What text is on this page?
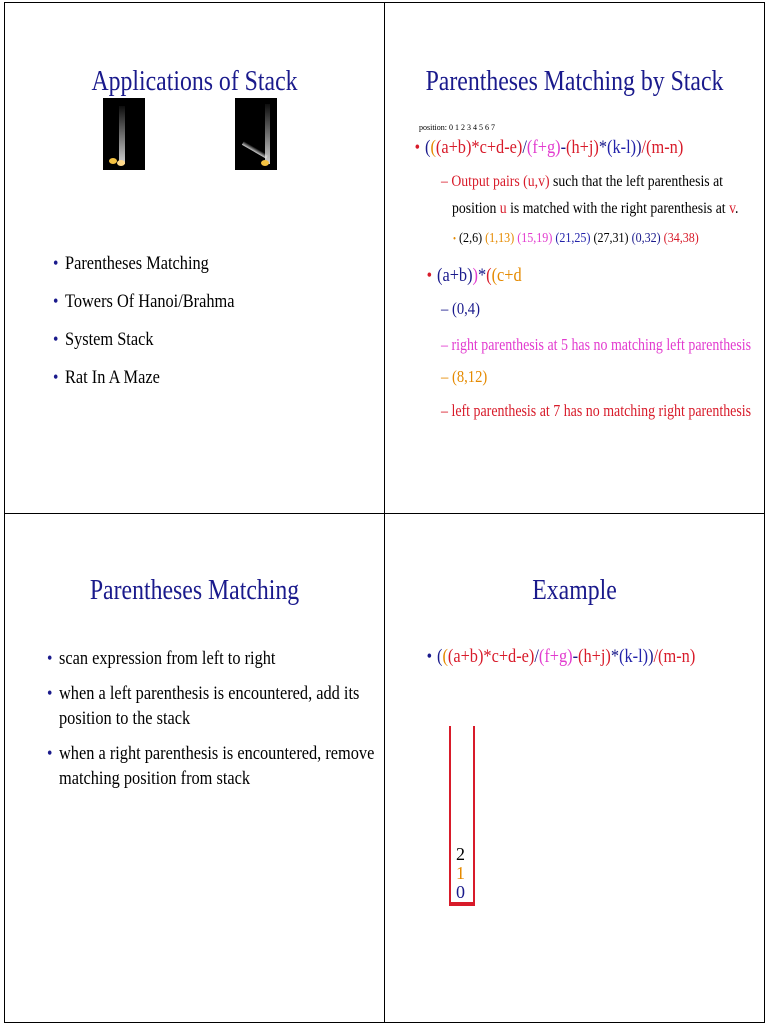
Applications of Stack
• Parentheses Matching
• Towers Of Hanoi/Brahma
• System Stack
• Rat In A Maze
Parentheses Matching by Stack
position: 0 1 2 3 4 5 6 7
• (((a+b)*c+d-e)/(f+g)-(h+j)*(k-l))/(m-n)
– Output pairs (u,v) such that the left parenthesis at
position u is matched with the right parenthesis at v.
• (2,6) (1,13) (15,19) (21,25) (27,31) (0,32) (34,38)
• (a+b))*((c+d
– (0,4)
– right parenthesis at 5 has no matching left parenthesis
– (8,12)
– left parenthesis at 7 has no matching right parenthesis
Parentheses Matching
• scan expression from left to right
• when a left parenthesis is encountered, add its
position to the stack
• when a right parenthesis is encountered, remove
matching position from stack
Example
• (((a+b)*c+d-e)/(f+g)-(h+j)*(k-l))/(m-n)
2
1
0
